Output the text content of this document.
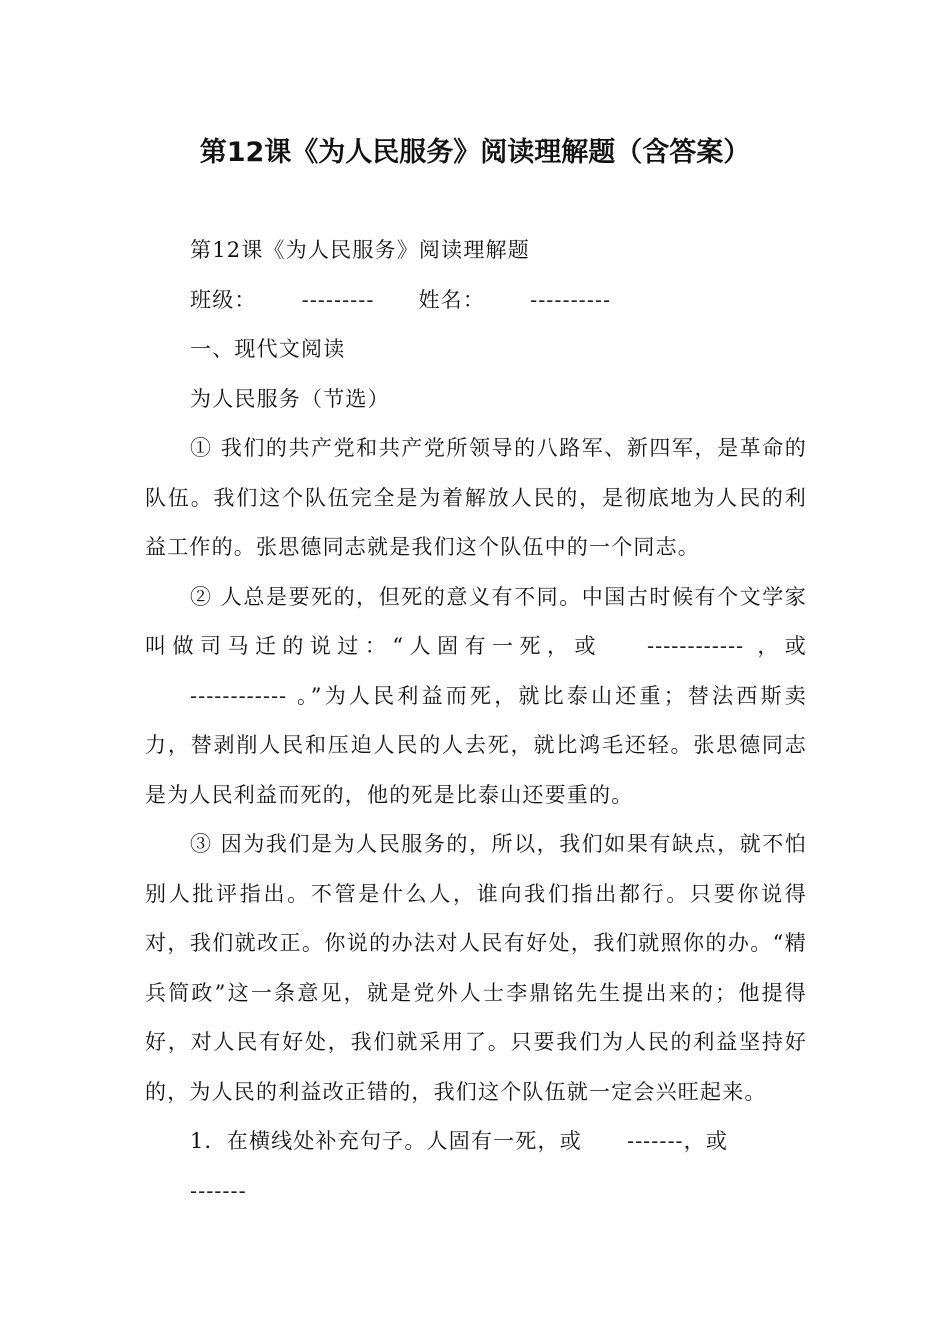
第12课《为人民服务》阅读理解题（含答案）

第12课《为人民服务》阅读理解题

班级： --------- 姓名： ----------

一、现代文阅读

为人民服务（节选）

① 我们的共产党和共产党所领导的八路军、新四军，是革命的队伍。我们这个队伍完全是为着解放人民的，是彻底地为人民的利益工作的。张思德同志就是我们这个队伍中的一个同志。

② 人总是要死的，但死的意义有不同。中国古时候有个文学家叫做司马迁的说过：“人固有一死，或 ------------ ，或------------ 。”为人民利益而死，就比泰山还重；替法西斯卖力，替剥削人民和压迫人民的人去死，就比鸿毛还轻。张思德同志是为人民利益而死的，他的死是比泰山还要重的。

③ 因为我们是为人民服务的，所以，我们如果有缺点，就不怕别人批评指出。不管是什么人，谁向我们指出都行。只要你说得对，我们就改正。你说的办法对人民有好处，我们就照你的办。“精兵简政”这一条意见，就是党外人士李鼎铭先生提出来的；他提得好，对人民有好处，我们就采用了。只要我们为人民的利益坚持好的，为人民的利益改正错的，我们这个队伍就一定会兴旺起来。

1．在横线处补充句子。人固有一死，或 -------，或-------
